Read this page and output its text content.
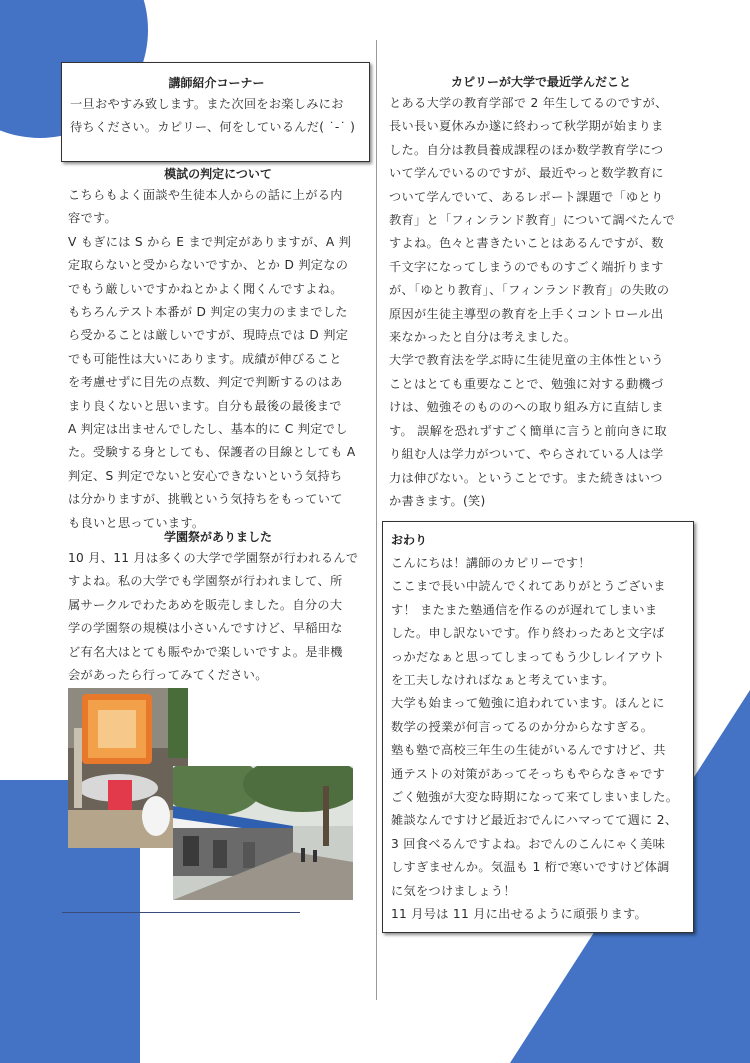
講師紹介コーナー

一旦おやすみ致します。また次回をお楽しみにお
待ちください。カピリー、何をしているんだ( ˙-˙ )

模試の判定について

こちらもよく面談や生徒本人からの話に上がる内
容です。
V もぎには S から E まで判定がありますが、A 判
定取らないと受からないですか、とか D 判定なの
でもう厳しいですかねとかよく聞くんですよね。
もちろんテスト本番が D 判定の実力のままでした
ら受かることは厳しいですが、現時点では D 判定
でも可能性は大いにあります。成績が伸びること
を考慮せずに目先の点数、判定で判断するのはあ
まり良くないと思います。自分も最後の最後まで
A 判定は出ませんでしたし、基本的に C 判定でし
た。受験する身としても、保護者の目線としても A
判定、S 判定でないと安心できないという気持ち
は分かりますが、挑戦という気持ちをもっていて
も良いと思っています。

学園祭がありました

10 月、11 月は多くの大学で学園祭が行われるんで
すよね。私の大学でも学園祭が行われまして、所
属サークルでわたあめを販売しました。自分の大
学の学園祭の規模は小さいんですけど、早稲田な
ど有名大はとても賑やかで楽しいですよ。是非機
会があったら行ってみてください。

カピリーが大学で最近学んだこと

とある大学の教育学部で 2 年生してるのですが、
長い長い夏休みか遂に終わって秋学期が始まりま
した。自分は教員養成課程のほか数学教育学につ
いて学んでいるのですが、最近やっと数学教育に
ついて学んでいて、あるレポート課題で「ゆとり
教育」と「フィンランド教育」について調べたんで
すよね。色々と書きたいことはあるんですが、数
千文字になってしまうのでものすごく端折ります
が、「ゆとり教育」、「フィンランド教育」の失敗の
原因が生徒主導型の教育を上手くコントロール出
来なかったと自分は考えました。
大学で教育法を学ぶ時に生徒児童の主体性という
ことはとても重要なことで、勉強に対する動機づ
けは、勉強そのもののへの取り組み方に直結しま
す。 誤解を恐れずすごく簡単に言うと前向きに取
り組む人は学力がついて、やらされている人は学
力は伸びない。ということです。また続きはいつ
か書きます。(笑)

おわり

こんにちは！講師のカピリーです！
ここまで長い中読んでくれてありがとうございま
す！ またまた塾通信を作るのが遅れてしまいま
した。申し訳ないです。作り終わったあと文字ば
っかだなぁと思ってしまってもう少しレイアウト
を工夫しなければなぁと考えています。
大学も始まって勉強に追われています。ほんとに
数学の授業が何言ってるのか分からなすぎる。
塾も塾で高校三年生の生徒がいるんですけど、共
通テストの対策があってそっちもやらなきゃです
ごく勉強が大変な時期になって来てしまいました。
雑談なんですけど最近おでんにハマってて週に 2、
3 回食べるんですよね。おでんのこんにゃく美味
しすぎませんか。気温も 1 桁で寒いですけど体調
に気をつけましょう！
11 月号は 11 月に出せるように頑張ります。
